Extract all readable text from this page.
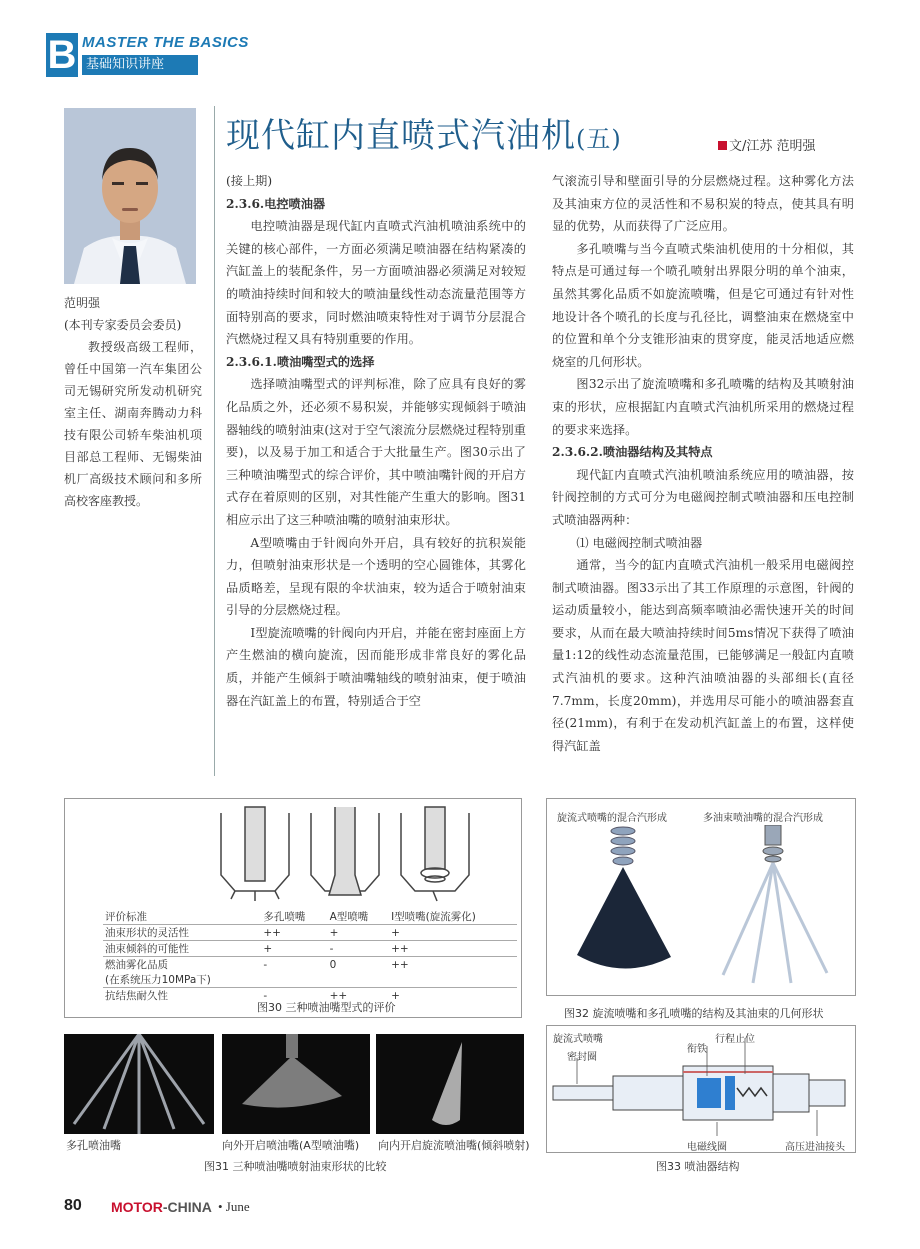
B MASTER THE BASICS
基础知识讲座
现代缸内直喷式汽油机(五)	文/江苏 范明强

范明强

(本刊专家委员会委员)

教授级高级工程师，曾任中国第一汽车集团公司无锡研究所发动机研究室主任、湖南奔腾动力科技有限公司轿车柴油机项目部总工程师、无锡柴油机厂高级技术顾问和多所高校客座教授。

(接上期)

2.3.6.电控喷油器

电控喷油器是现代缸内直喷式汽油机喷油系统中的关键的核心部件，一方面必须满足喷油器在结构紧凑的汽缸盖上的装配条件，另一方面喷油器必须满足对较短的喷油持续时间和较大的喷油量线性动态流量范围等方面特别高的要求，同时燃油喷束特性对于调节分层混合汽燃烧过程又具有特别重要的作用。

2.3.6.1.喷油嘴型式的选择

选择喷油嘴型式的评判标准，除了应具有良好的雾化品质之外，还必须不易积炭，并能够实现倾斜于喷油器轴线的喷射油束(这对于空气滚流分层燃烧过程特别重要)，以及易于加工和适合于大批量生产。图30示出了三种喷油嘴型式的综合评价，其中喷油嘴针阀的开启方式存在着原则的区别，对其性能产生重大的影响。图31相应示出了这三种喷油嘴的喷射油束形状。

A型喷嘴由于针阀向外开启，具有较好的抗积炭能力，但喷射油束形状是一个透明的空心圆锥体，其雾化品质略差，呈现有限的伞状油束，较为适合于喷射油束引导的分层燃烧过程。

I型旋流喷嘴的针阀向内开启，并能在密封座面上方产生燃油的横向旋流，因而能形成非常良好的雾化品质，并能产生倾斜于喷油嘴轴线的喷射油束，便于喷油器在汽缸盖上的布置，特别适合于空

气滚流引导和壁面引导的分层燃烧过程。这种雾化方法及其油束方位的灵活性和不易积炭的特点，使其具有明显的优势，从而获得了广泛应用。

多孔喷嘴与当今直喷式柴油机使用的十分相似，其特点是可通过每一个喷孔喷射出界限分明的单个油束，虽然其雾化品质不如旋流喷嘴，但是它可通过有针对性地设计各个喷孔的长度与孔径比，调整油束在燃烧室中的位置和单个分支锥形油束的贯穿度，能灵活地适应燃烧室的几何形状。

图32示出了旋流喷嘴和多孔喷嘴的结构及其喷射油束的形状，应根据缸内直喷式汽油机所采用的燃烧过程的要求来选择。

2.3.6.2.喷油器结构及其特点

现代缸内直喷式汽油机喷油系统应用的喷油器，按针阀控制的方式可分为电磁阀控制式喷油器和压电控制式喷油器两种：

⑴ 电磁阀控制式喷油器

通常，当今的缸内直喷式汽油机一般采用电磁阀控制式喷油器。图33示出了其工作原理的示意图，针阀的运动质量较小，能达到高频率喷油必需快速开关的时间要求，从而在最大喷油持续时间5ms情况下获得了喷油量1:12的线性动态流量范围，已能够满足一般缸内直喷式汽油机的要求。这种汽油喷油器的头部细长(直径7.7mm，长度20mm)，并选用尽可能小的喷油器套直径(21mm)，有利于在发动机汽缸盖上的布置，这样使得汽缸盖

评价标准	多孔喷嘴	A型喷嘴	I型喷嘴(旋流雾化)
油束形状的灵活性	++	+	+
油束倾斜的可能性	+	-	++
燃油雾化品质	-	0	++
(在系统压力10MPa下)			
抗结焦耐久性	-	++	+
图30 三种喷油嘴型式的评价
多孔喷油嘴	向外开启喷油嘴(A型喷油嘴) 向内开启旋流喷油嘴(倾斜喷射)
图31 三种喷油嘴喷射油束形状的比较
旋流式喷嘴的混合汽形成	多油束喷油嘴的混合汽形成
图32 旋流喷嘴和多孔喷嘴的结构及其油束的几何形状
旋流式喷嘴
密封圈
衔铁
行程止位
电磁线圈	高压进油接头
图33 喷油器结构
80 MOTOR-CHINA • June
